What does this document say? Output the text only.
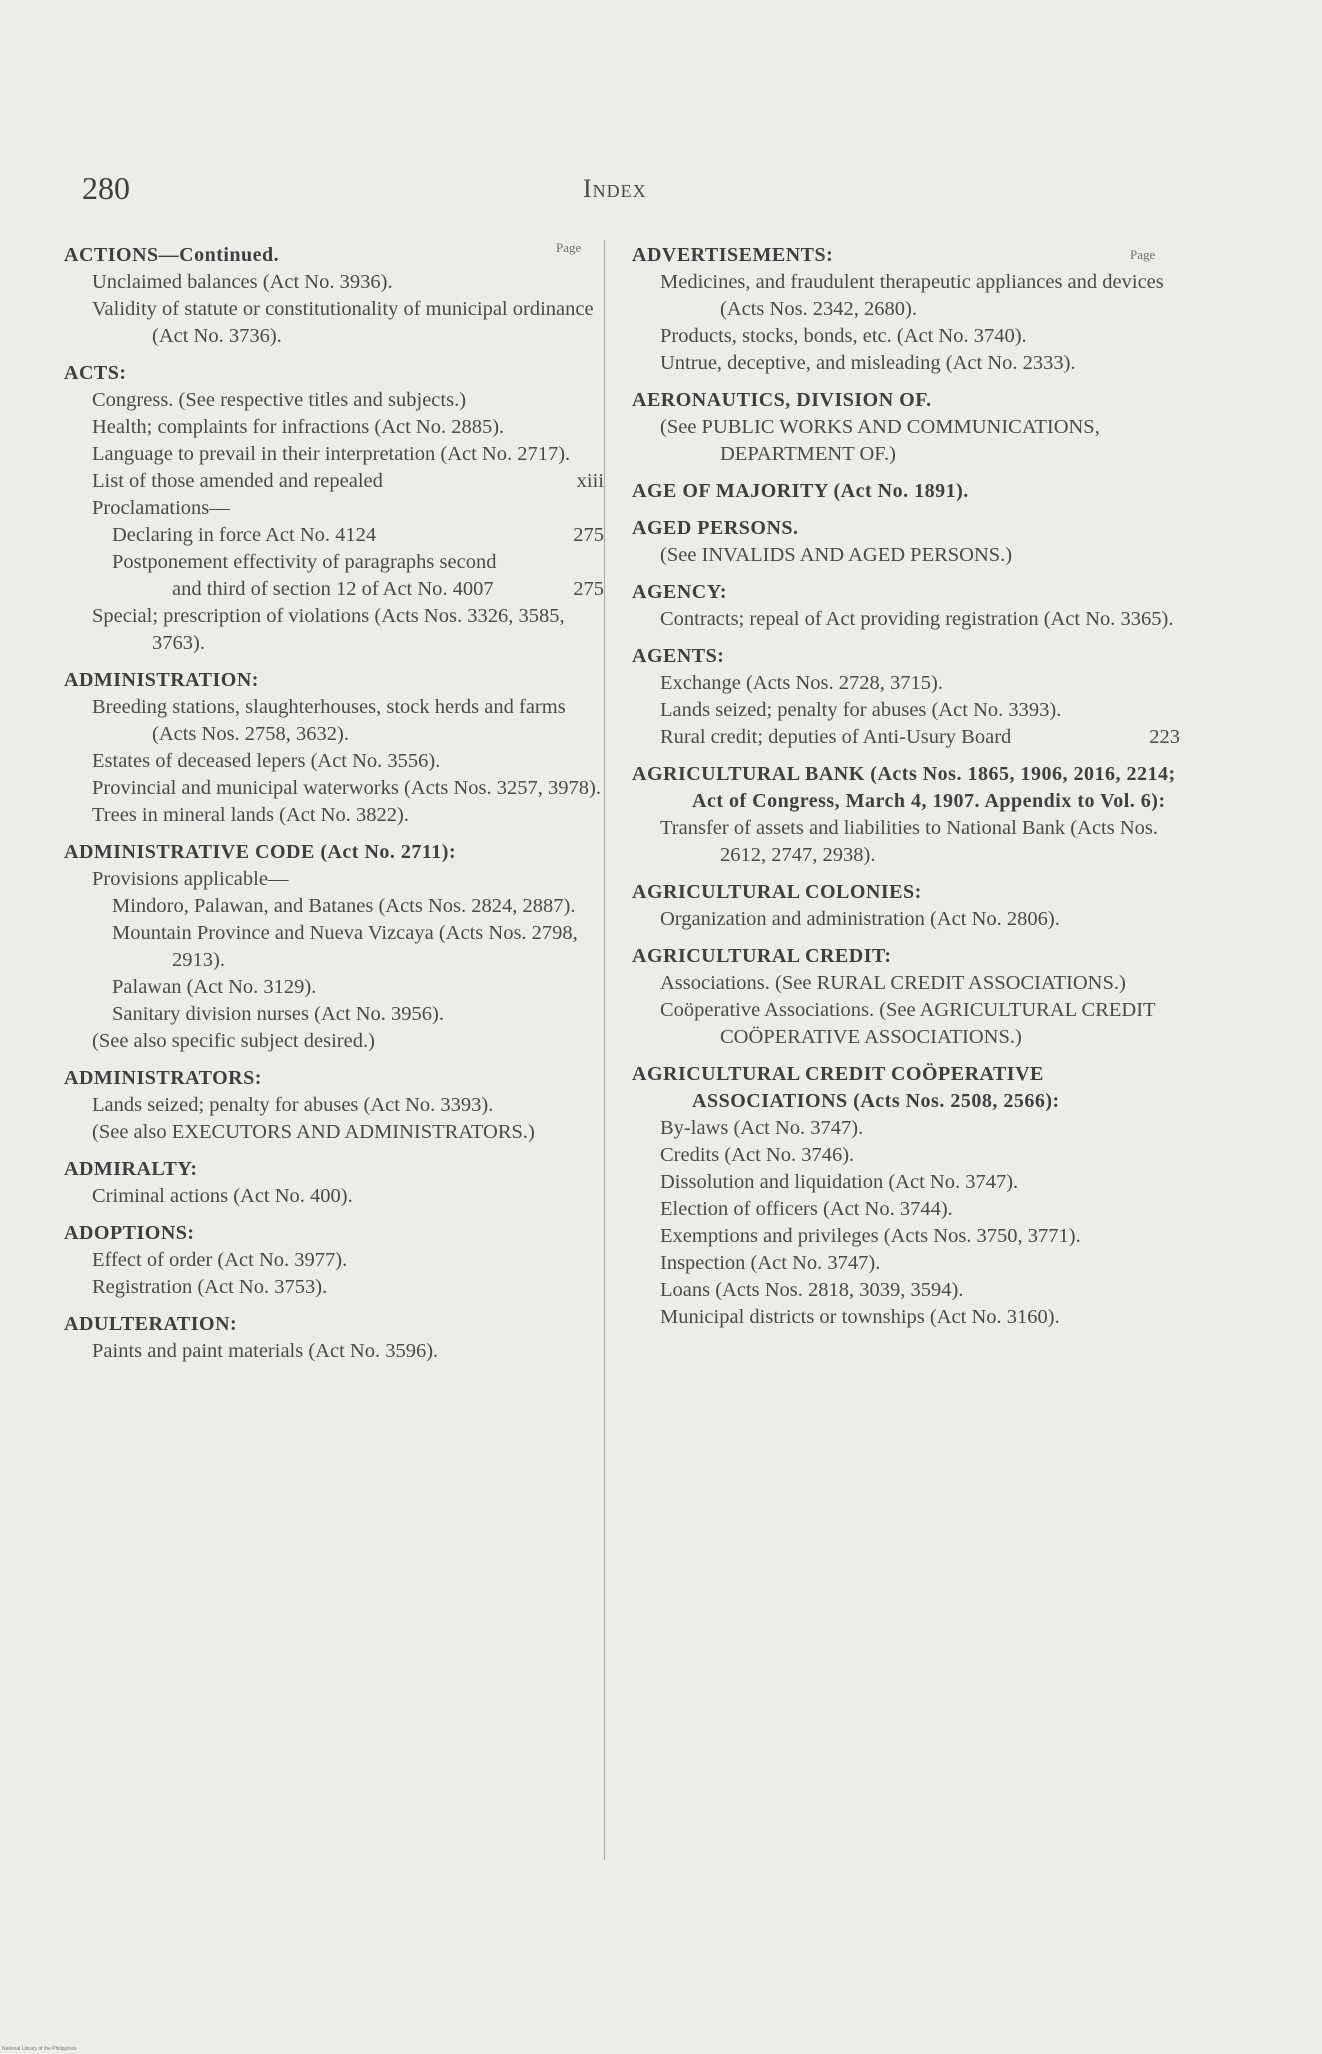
280	Index
Page	Page
ACTIONS—Continued.
Unclaimed balances (Act No. 3936).
Validity of statute or constitutionality of municipal ordinance (Act No. 3736).
ACTS:
Congress. (See respective titles and subjects.)
Health; complaints for infractions (Act No. 2885).
Language to prevail in their interpretation (Act No. 2717).
List of those amended and repealed	xiii
Proclamations—
Declaring in force Act No. 4124	275
Postponement effectivity of paragraphs second and third of section 12 of Act No. 4007	275
Special; prescription of violations (Acts Nos. 3326, 3585, 3763).
ADMINISTRATION:
Breeding stations, slaughterhouses, stock herds and farms (Acts Nos. 2758, 3632).
Estates of deceased lepers (Act No. 3556).
Provincial and municipal waterworks (Acts Nos. 3257, 3978).
Trees in mineral lands (Act No. 3822).
ADMINISTRATIVE CODE (Act No. 2711):
Provisions applicable—
Mindoro, Palawan, and Batanes (Acts Nos. 2824, 2887).
Mountain Province and Nueva Vizcaya (Acts Nos. 2798, 2913).
Palawan (Act No. 3129).
Sanitary division nurses (Act No. 3956).
(See also specific subject desired.)
ADMINISTRATORS:
Lands seized; penalty for abuses (Act No. 3393).
(See also EXECUTORS AND ADMINISTRATORS.)
ADMIRALTY:
Criminal actions (Act No. 400).
ADOPTIONS:
Effect of order (Act No. 3977).
Registration (Act No. 3753).
ADULTERATION:
Paints and paint materials (Act No. 3596).
ADVERTISEMENTS:
Medicines, and fraudulent therapeutic appliances and devices (Acts Nos. 2342, 2680).
Products, stocks, bonds, etc. (Act No. 3740).
Untrue, deceptive, and misleading (Act No. 2333).
AERONAUTICS, DIVISION OF.
(See PUBLIC WORKS AND COMMUNICATIONS, DEPARTMENT OF.)
AGE OF MAJORITY (Act No. 1891).
AGED PERSONS.
(See INVALIDS AND AGED PERSONS.)
AGENCY:
Contracts; repeal of Act providing registration (Act No. 3365).
AGENTS:
Exchange (Acts Nos. 2728, 3715).
Lands seized; penalty for abuses (Act No. 3393).
Rural credit; deputies of Anti-Usury Board	223
AGRICULTURAL BANK (Acts Nos. 1865, 1906, 2016, 2214; Act of Congress, March 4, 1907. Appendix to Vol. 6):
Transfer of assets and liabilities to National Bank (Acts Nos. 2612, 2747, 2938).
AGRICULTURAL COLONIES:
Organization and administration (Act No. 2806).
AGRICULTURAL CREDIT:
Associations. (See RURAL CREDIT ASSOCIATIONS.)
Coöperative Associations. (See AGRICULTURAL CREDIT COÖPERATIVE ASSOCIATIONS.)
AGRICULTURAL CREDIT COÖPERATIVE ASSOCIATIONS (Acts Nos. 2508, 2566):
By-laws (Act No. 3747).
Credits (Act No. 3746).
Dissolution and liquidation (Act No. 3747).
Election of officers (Act No. 3744).
Exemptions and privileges (Acts Nos. 3750, 3771).
Inspection (Act No. 3747).
Loans (Acts Nos. 2818, 3039, 3594).
Municipal districts or townships (Act No. 3160).
National Library of the Philippines
